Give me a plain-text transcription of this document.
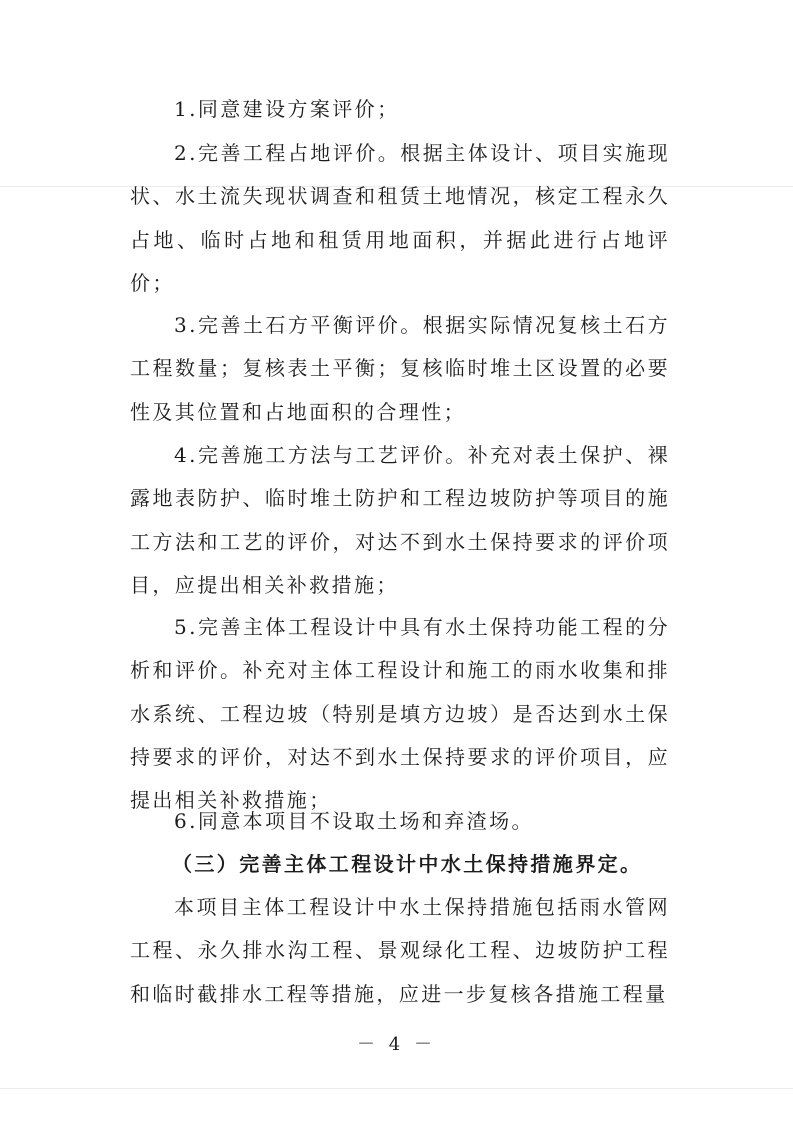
1.同意建设方案评价；
2.完善工程占地评价。根据主体设计、项目实施现状、水土流失现状调查和租赁土地情况，核定工程永久占地、临时占地和租赁用地面积，并据此进行占地评价；
3.完善土石方平衡评价。根据实际情况复核土石方工程数量；复核表土平衡；复核临时堆土区设置的必要性及其位置和占地面积的合理性；
4.完善施工方法与工艺评价。补充对表土保护、裸露地表防护、临时堆土防护和工程边坡防护等项目的施工方法和工艺的评价，对达不到水土保持要求的评价项目，应提出相关补救措施；
5.完善主体工程设计中具有水土保持功能工程的分析和评价。补充对主体工程设计和施工的雨水收集和排水系统、工程边坡（特别是填方边坡）是否达到水土保持要求的评价，对达不到水土保持要求的评价项目，应提出相关补救措施；
6.同意本项目不设取土场和弃渣场。
（三）完善主体工程设计中水土保持措施界定。
本项目主体工程设计中水土保持措施包括雨水管网工程、永久排水沟工程、景观绿化工程、边坡防护工程和临时截排水工程等措施，应进一步复核各措施工程量
－ 4 －
